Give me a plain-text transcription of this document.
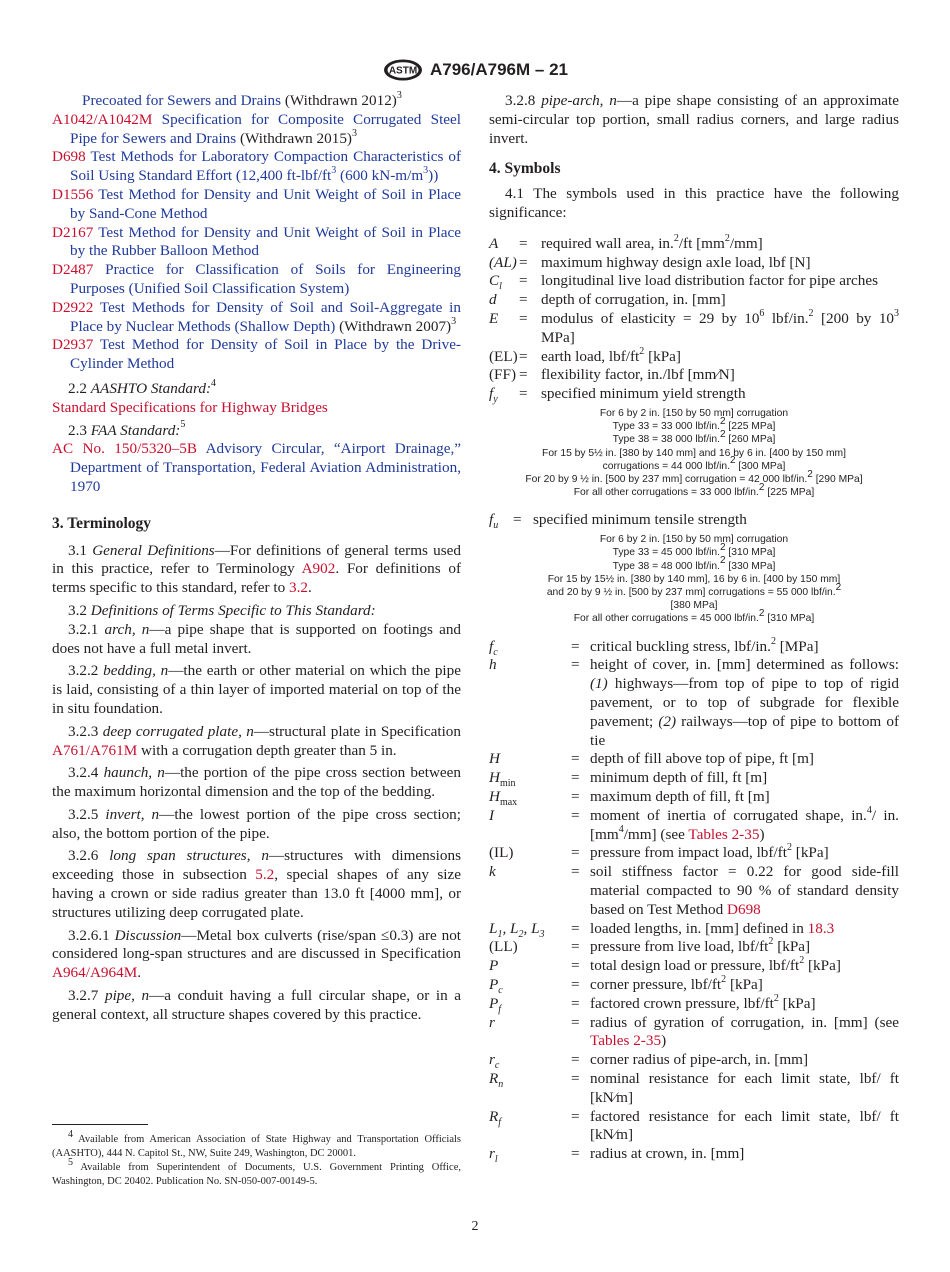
ASTM A796/A796M – 21

Precoated for Sewers and Drains (Withdrawn 2012)$^3$

A1042/A1042M Specification for Composite Corrugated Steel Pipe for Sewers and Drains (Withdrawn 2015)$^3$

D698 Test Methods for Laboratory Compaction Characteristics of Soil Using Standard Effort (12,400 $ft-lbf/ft^3$ (600 $kN-m/m^3$))

D1556 Test Method for Density and Unit Weight of Soil in Place by Sand-Cone Method

D2167 Test Method for Density and Unit Weight of Soil in Place by the Rubber Balloon Method

D2487 Practice for Classification of Soils for Engineering Purposes (Unified Soil Classification System)

D2922 Test Methods for Density of Soil and Soil-Aggregate in Place by Nuclear Methods (Shallow Depth) (Withdrawn 2007)$^3$

D2937 Test Method for Density of Soil in Place by the Drive-Cylinder Method

2.2 AASHTO Standard:$^4$

Standard Specifications for Highway Bridges

2.3 FAA Standard:$^5$

AC No. 150/5320–5B Advisory Circular, “Airport Drainage,” Department of Transportation, Federal Aviation Administration, 1970

3. Terminology

3.1 General Definitions—For definitions of general terms used in this practice, refer to Terminology A902. For definitions of terms specific to this standard, refer to 3.2.

3.2 Definitions of Terms Specific to This Standard:

3.2.1 arch, n—a pipe shape that is supported on footings and does not have a full metal invert.

3.2.2 bedding, n—the earth or other material on which the pipe is laid, consisting of a thin layer of imported material on top of the in situ foundation.

3.2.3 deep corrugated plate, n—structural plate in Specification A761/A761M with a corrugation depth greater than 5 in.

3.2.4 haunch, n—the portion of the pipe cross section between the maximum horizontal dimension and the top of the bedding.

3.2.5 invert, n—the lowest portion of the pipe cross section; also, the bottom portion of the pipe.

3.2.6 long span structures, n—structures with dimensions exceeding those in subsection 5.2, special shapes of any size having a crown or side radius greater than 13.0 ft [4000 mm], or structures utilizing deep corrugated plate.

3.2.6.1 Discussion—Metal box culverts (rise/span ≤0.3) are not considered long-span structures and are discussed in Specification A964/A964M.

3.2.7 pipe, n—a conduit having a full circular shape, or in a general context, all structure shapes covered by this practice.

$^4$ Available from American Association of State Highway and Transportation Officials (AASHTO), 444 N. Capitol St., NW, Suite 249, Washington, DC 20001.

$^5$ Available from Superintendent of Documents, U.S. Government Printing Office, Washington, DC 20402. Publication No. SN-050-007-00149-5.

3.2.8 pipe-arch, n—a pipe shape consisting of an approximate semi-circular top portion, small radius corners, and large radius invert.

4. Symbols

4.1 The symbols used in this practice have the following significance:

A	= required wall area, in.$^2$/ft $[mm^2/mm]$
(AL) = maximum highway design axle load, lbf [N]
$C_l$	= longitudinal live load distribution factor for pipe arches
d	= depth of corrugation, in. [mm]
E	= modulus of elasticity = 29 by $10^6$ lbf/in.$^2$ [200 by $10^3$ MPa]
(EL) = earth load, lbf/$ft^2$ [kPa]
(FF) = flexibility factor, in./lbf [mm⁄N]
$f_y$	= specified minimum yield strength
For 6 by 2 in. [150 by 50 mm] corrugation
Type 33 = 33 000 lbf/in.$^2$ [225 MPa]
Type 38 = 38 000 lbf/in.$^2$ [260 MPa]
For 15 by 5½ in. [380 by 140 mm] and 16 by 6 in. [400 by 150 mm]
corrugations = 44 000 lbf/in.$^2$ [300 MPa]
For 20 by 9 ½ in. [500 by 237 mm] corrugation = 42 000 lbf/in.$^2$ [290 MPa]
For all other corrugations = 33 000 lbf/in.$^2$ [225 MPa]
$f_u$ = specified minimum tensile strength
For 6 by 2 in. [150 by 50 mm] corrugation
Type 33 = 45 000 lbf/in.$^2$ [310 MPa]
Type 38 = 48 000 lbf/in.$^2$ [330 MPa]
For 15 by 15½ in. [380 by 140 mm], 16 by 6 in. [400 by 150 mm]
and 20 by 9 ½ in. [500 by 237 mm] corrugations = 55 000 lbf/in.$^2$
[380 MPa]
For all other corrugations = 45 000 lbf/in.$^2$ [310 MPa]
$f_c$	= critical buckling stress, lbf/in.$^2$ [MPa]
h	= height of cover, in. [mm] determined as follows: (1) highways—from top of pipe to top of rigid pavement, or to top of subgrade for flexible pavement; (2) railways—top of pipe to bottom of tie
H	= depth of fill above top of pipe, ft [m]
$H_{min}$	= minimum depth of fill, ft [m]
$H_{max}$	= maximum depth of fill, ft [m]
I	= moment of inertia of corrugated shape, in.$^4$/ in. $[mm^4/mm]$ (see Tables 2-35)
(IL)	= pressure from impact load, lbf/$ft^2$ [kPa]
k	= soil stiffness factor = 0.22 for good side-fill material compacted to 90 % of standard density based on Test Method D698
$L_1$, $L_2$, $L_3$	= loaded lengths, in. [mm] defined in 18.3
(LL)	= pressure from live load, lbf/$ft^2$ [kPa]
P	= total design load or pressure, lbf/$ft^2$ [kPa]
$P_c$	= corner pressure, lbf/$ft^2$ [kPa]
$P_f$	= factored crown pressure, lbf/$ft^2$ [kPa]
r	= radius of gyration of corrugation, in. [mm] (see Tables 2-35)
$r_c$	= corner radius of pipe-arch, in. [mm]
$R_n$	= nominal resistance for each limit state, lbf/ ft [kN⁄m]
$R_f$	= factored resistance for each limit state, lbf/ ft [kN⁄m]
$r_l$	= radius at crown, in. [mm]
2
